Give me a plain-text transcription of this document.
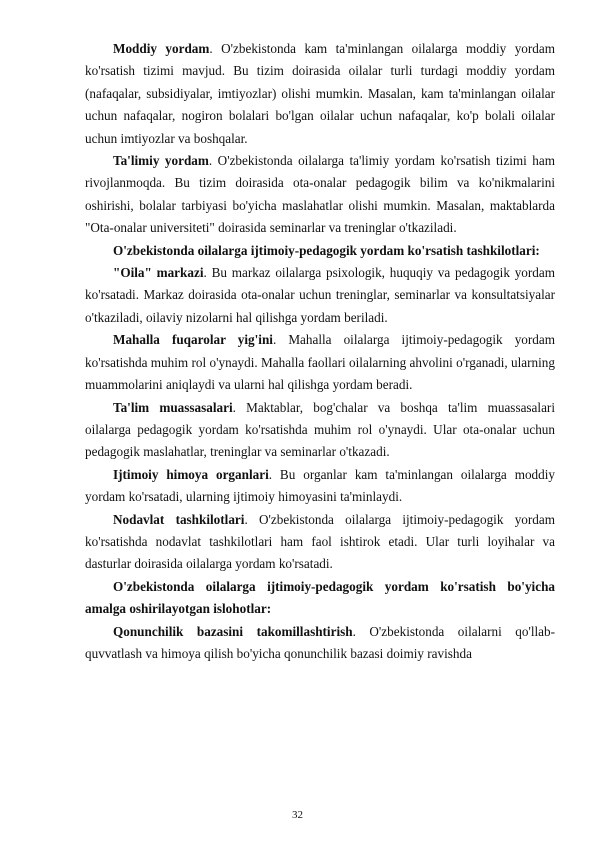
Moddiy yordam. O'zbekistonda kam ta'minlangan oilalarga moddiy yordam ko'rsatish tizimi mavjud. Bu tizim doirasida oilalar turli turdagi moddiy yordam (nafaqalar, subsidiyalar, imtiyozlar) olishi mumkin. Masalan, kam ta'minlangan oilalar uchun nafaqalar, nogiron bolalari bo'lgan oilalar uchun nafaqalar, ko'p bolali oilalar uchun imtiyozlar va boshqalar.

Ta'limiy yordam. O'zbekistonda oilalarga ta'limiy yordam ko'rsatish tizimi ham rivojlanmoqda. Bu tizim doirasida ota-onalar pedagogik bilim va ko'nikmalarini oshirishi, bolalar tarbiyasi bo'yicha maslahatlar olishi mumkin. Masalan, maktablarda "Ota-onalar universiteti" doirasida seminarlar va treninglar o'tkaziladi.

O'zbekistonda oilalarga ijtimoiy-pedagogik yordam ko'rsatish tashkilotlari:

"Oila" markazi. Bu markaz oilalarga psixologik, huquqiy va pedagogik yordam ko'rsatadi. Markaz doirasida ota-onalar uchun treninglar, seminarlar va konsultatsiyalar o'tkaziladi, oilaviy nizolarni hal qilishga yordam beriladi.

Mahalla fuqarolar yig'ini. Mahalla oilalarga ijtimoiy-pedagogik yordam ko'rsatishda muhim rol o'ynaydi. Mahalla faollari oilalarning ahvolini o'rganadi, ularning muammolarini aniqlaydi va ularni hal qilishga yordam beradi.

Ta'lim muassasalari. Maktablar, bog'chalar va boshqa ta'lim muassasalari oilalarga pedagogik yordam ko'rsatishda muhim rol o'ynaydi. Ular ota-onalar uchun pedagogik maslahatlar, treninglar va seminarlar o'tkazadi.

Ijtimoiy himoya organlari. Bu organlar kam ta'minlangan oilalarga moddiy yordam ko'rsatadi, ularning ijtimoiy himoyasini ta'minlaydi.

Nodavlat tashkilotlari. O'zbekistonda oilalarga ijtimoiy-pedagogik yordam ko'rsatishda nodavlat tashkilotlari ham faol ishtirok etadi. Ular turli loyihalar va dasturlar doirasida oilalarga yordam ko'rsatadi.

O'zbekistonda oilalarga ijtimoiy-pedagogik yordam ko'rsatish bo'yicha amalga oshirilayotgan islohotlar:

Qonunchilik bazasini takomillashtirish. O'zbekistonda oilalarni qo'llab-quvvatlash va himoya qilish bo'yicha qonunchilik bazasi doimiy ravishda

32
